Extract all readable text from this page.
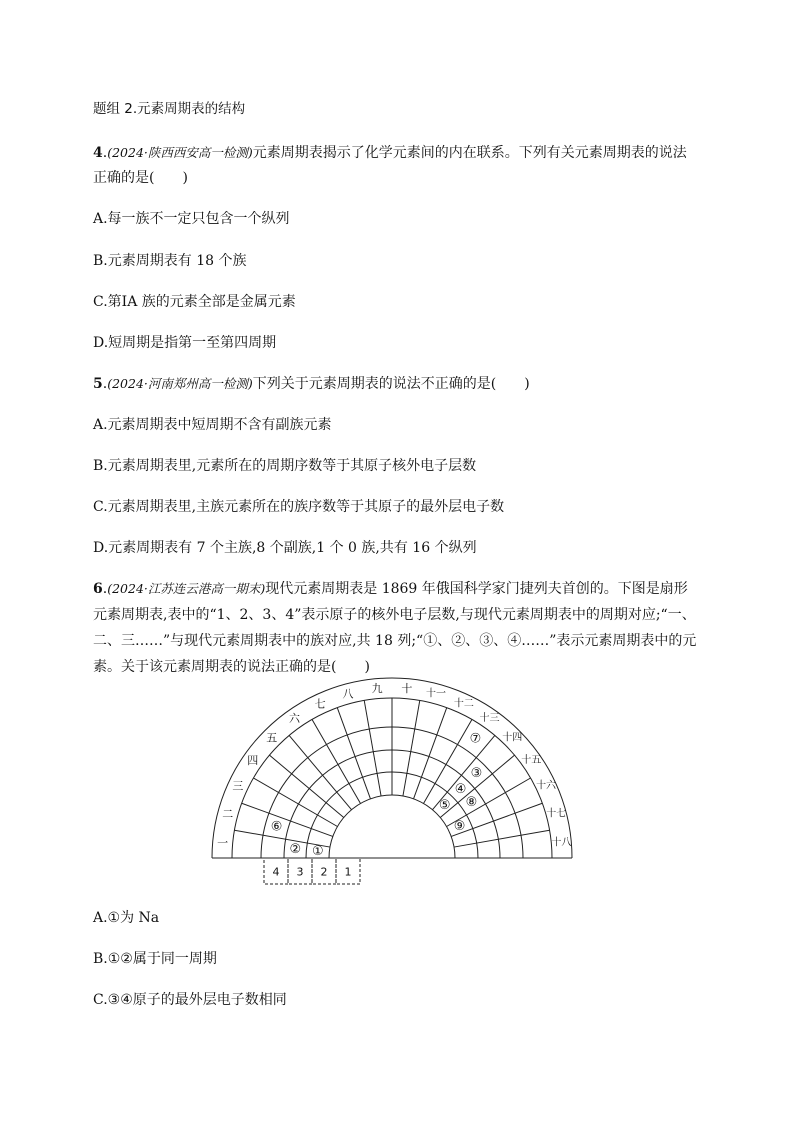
题组 2.元素周期表的结构
4.(2024·陕西西安高一检测)元素周期表揭示了化学元素间的内在联系。下列有关元素周期表的说法
正确的是(　　)
A.每一族不一定只包含一个纵列
B.元素周期表有 18 个族
C.第ⅠA 族的元素全部是金属元素
D.短周期是指第一至第四周期
5.(2024·河南郑州高一检测)下列关于元素周期表的说法不正确的是(　　)
A.元素周期表中短周期不含有副族元素
B.元素周期表里,元素所在的周期序数等于其原子核外电子层数
C.元素周期表里,主族元素所在的族序数等于其原子的最外层电子数
D.元素周期表有 7 个主族,8 个副族,1 个 0 族,共有 16 个纵列
6.(2024·江苏连云港高一期末)现代元素周期表是 1869 年俄国科学家门捷列夫首创的。下图是扇形
元素周期表,表中的“1、2、3、4”表示原子的核外电子层数,与现代元素周期表中的周期对应;“一、
二、三……”与现代元素周期表中的族对应,共 18 列;“①、②、③、④……”表示元素周期表中的元
素。关于该元素周期表的说法正确的是(　　)
一
二
三
四
五
六
七
八 九 十 十一
十二
十三
十四
十五
十六
十七
十八
4 3 2 1
①
②
③
④
⑤
⑥
⑦
⑧
⑨
A.①为 Na
B.①②属于同一周期
C.③④原子的最外层电子数相同
